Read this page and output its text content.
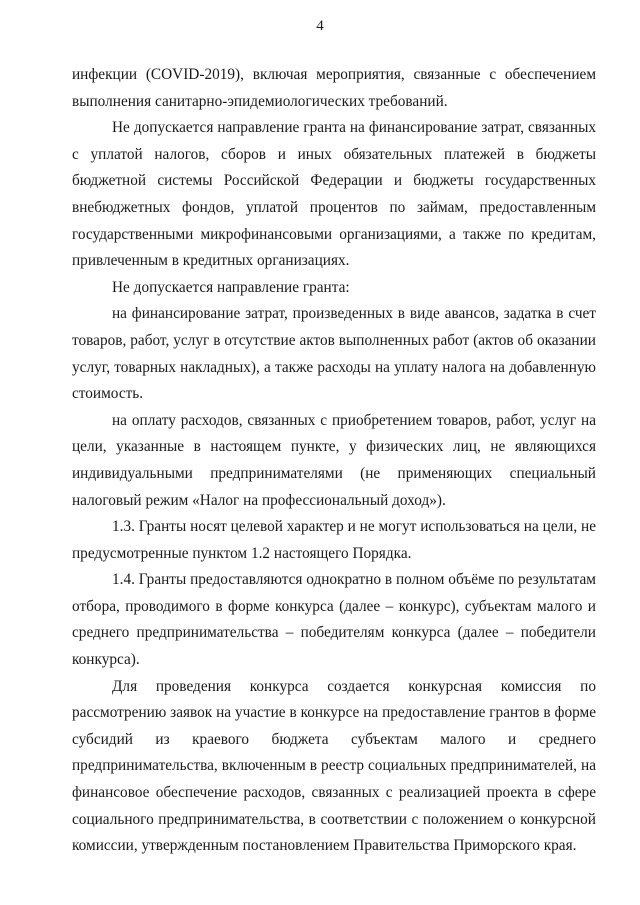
4

инфекции (COVID-2019), включая мероприятия, связанные с обеспечением выполнения санитарно-эпидемиологических требований.

Не допускается направление гранта на финансирование затрат, связанных с уплатой налогов, сборов и иных обязательных платежей в бюджеты бюджетной системы Российской Федерации и бюджеты государственных внебюджетных фондов, уплатой процентов по займам, предоставленным государственными микрофинансовыми организациями, а также по кредитам, привлеченным в кредитных организациях.

Не допускается направление гранта:

на финансирование затрат, произведенных в виде авансов, задатка в счет товаров, работ, услуг в отсутствие актов выполненных работ (актов об оказании услуг, товарных накладных), а также расходы на уплату налога на добавленную стоимость.

на оплату расходов, связанных с приобретением товаров, работ, услуг на цели, указанные в настоящем пункте, у физических лиц, не являющихся индивидуальными предпринимателями (не применяющих специальный налоговый режим «Налог на профессиональный доход»).

1.3. Гранты носят целевой характер и не могут использоваться на цели, не предусмотренные пунктом 1.2 настоящего Порядка.

1.4. Гранты предоставляются однократно в полном объёме по результатам отбора, проводимого в форме конкурса (далее – конкурс), субъектам малого и среднего предпринимательства – победителям конкурса (далее – победители конкурса).

Для проведения конкурса создается конкурсная комиссия по рассмотрению заявок на участие в конкурсе на предоставление грантов в форме субсидий из краевого бюджета субъектам малого и среднего предпринимательства, включенным в реестр социальных предпринимателей, на финансовое обеспечение расходов, связанных с реализацией проекта в сфере социального предпринимательства, в соответствии с положением о конкурсной комиссии, утвержденным постановлением Правительства Приморского края.
